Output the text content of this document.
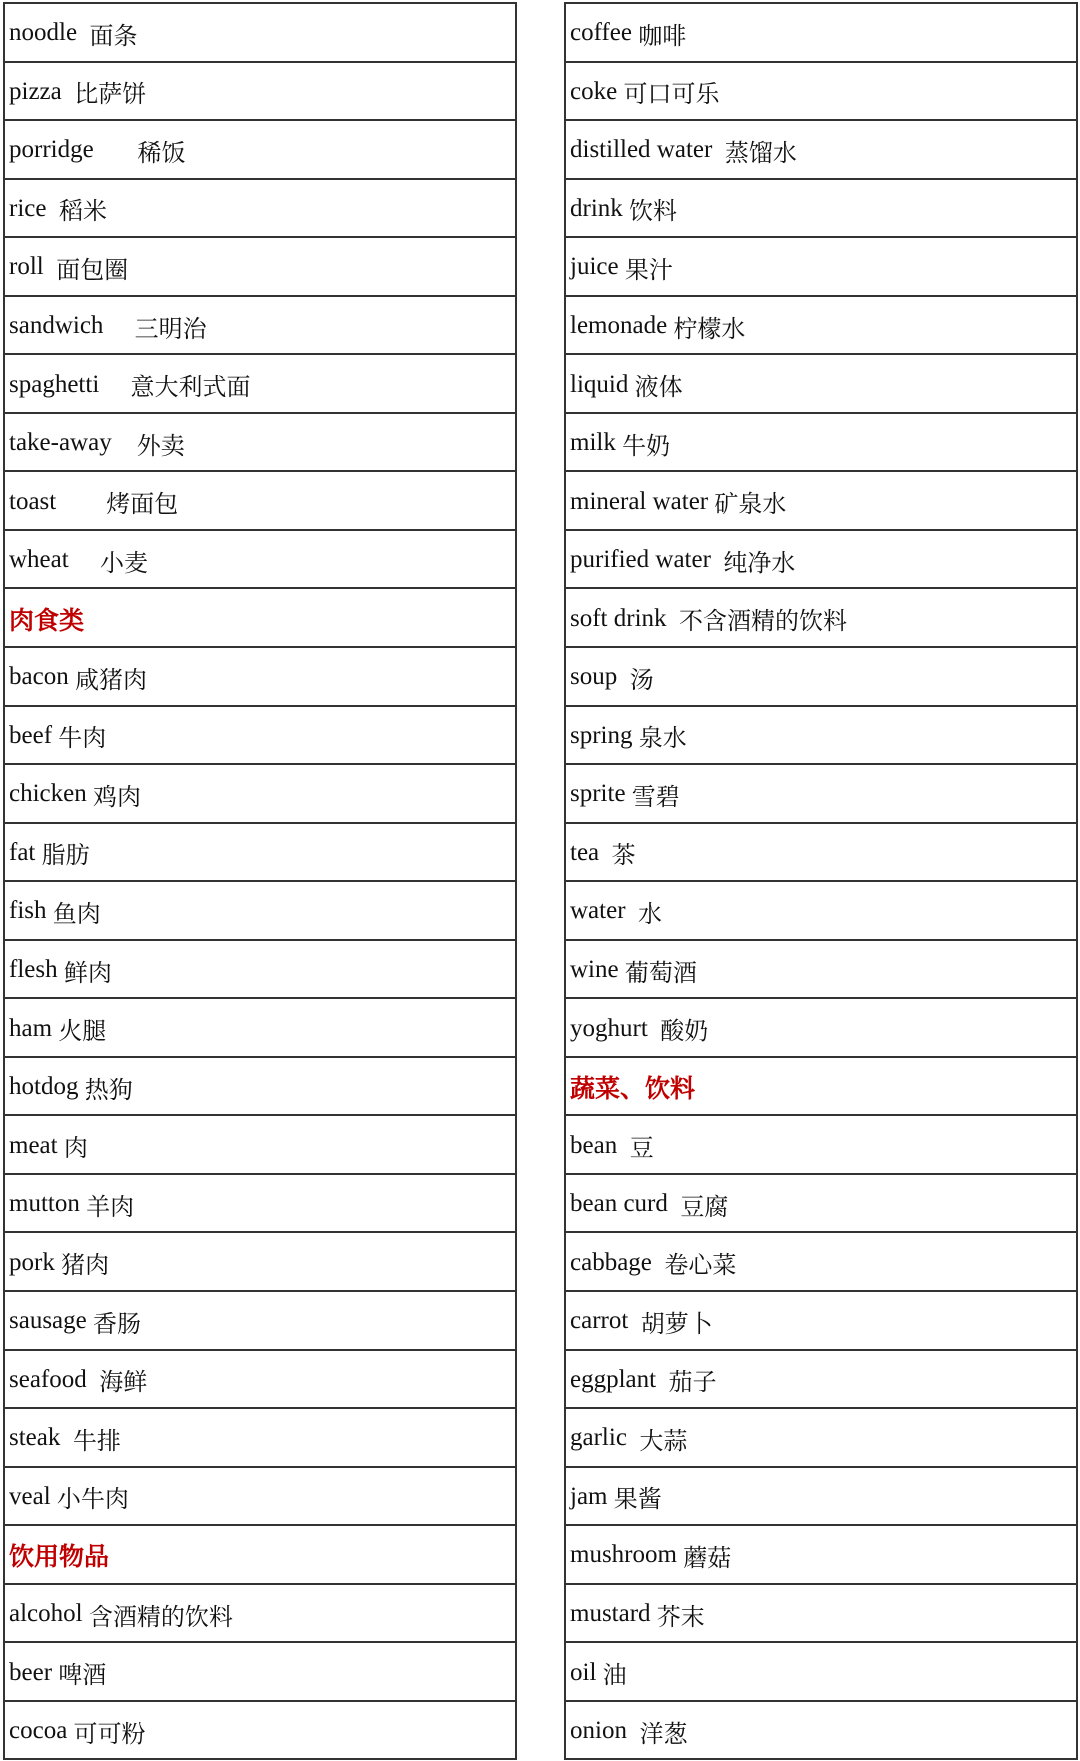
noodle
面条
pizza
比萨饼
porridge
稀饭
rice
稻米
roll
面包圈
sandwich
三明治
spaghetti
意大利式面
take-away
外卖
toast
烤面包
wheat
小麦
肉食类
bacon
咸猪肉
beef
牛肉
chicken
鸡肉
fat
脂肪
fish
鱼肉
flesh
鲜肉
ham
火腿
hotdog
热狗
meat
肉
mutton
羊肉
pork
猪肉
sausage
香肠
seafood
海鲜
steak
牛排
veal
小牛肉
饮用物品
alcohol
含酒精的饮料
beer
啤酒
cocoa
可可粉
coffee
咖啡
coke
可口可乐
distilled water
蒸馏水
drink
饮料
juice
果汁
lemonade
柠檬水
liquid
液体
milk
牛奶
mineral water
矿泉水
purified water
纯净水
soft drink
不含酒精的饮料
soup
汤
spring
泉水
sprite
雪碧
tea
茶
water
水
wine
葡萄酒
yoghurt
酸奶
蔬菜、饮料
bean
豆
bean curd
豆腐
cabbage
卷心菜
carrot
胡萝卜
eggplant
茄子
garlic
大蒜
jam
果酱
mushroom
蘑菇
mustard
芥末
oil
油
onion
洋葱
